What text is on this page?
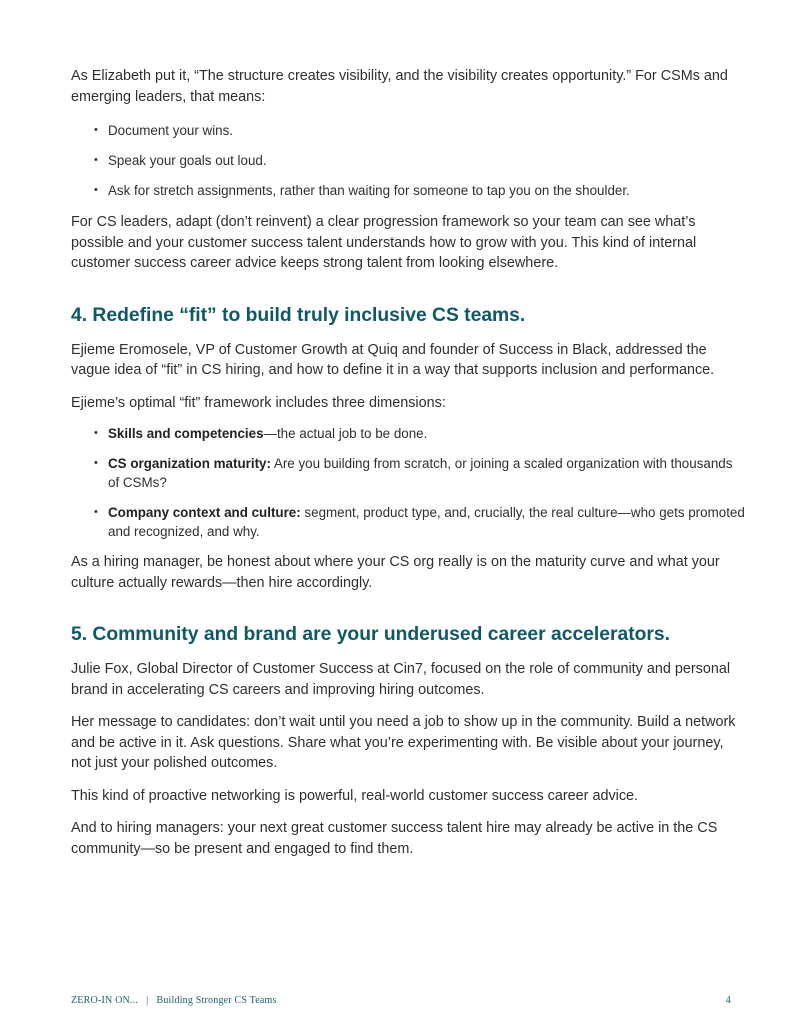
As Elizabeth put it, “The structure creates visibility, and the visibility creates opportunity.” For CSMs and emerging leaders, that means:

• Document your wins.
• Speak your goals out loud.
• Ask for stretch assignments, rather than waiting for someone to tap you on the shoulder.

For CS leaders, adapt (don’t reinvent) a clear progression framework so your team can see what’s possible and your customer success talent understands how to grow with you. This kind of internal customer success career advice keeps strong talent from looking elsewhere.

4. Redefine “fit” to build truly inclusive CS teams.

Ejieme Eromosele, VP of Customer Growth at Quiq and founder of Success in Black, addressed the vague idea of “fit” in CS hiring, and how to define it in a way that supports inclusion and performance.

Ejieme’s optimal “fit” framework includes three dimensions:

• Skills and competencies—the actual job to be done.
• CS organization maturity: Are you building from scratch, or joining a scaled organization with thousands of CSMs?
• Company context and culture: segment, product type, and, crucially, the real culture—who gets promoted and recognized, and why.

As a hiring manager, be honest about where your CS org really is on the maturity curve and what your culture actually rewards—then hire accordingly.

5. Community and brand are your underused career accelerators.

Julie Fox, Global Director of Customer Success at Cin7, focused on the role of community and personal brand in accelerating CS careers and improving hiring outcomes.

Her message to candidates: don’t wait until you need a job to show up in the community. Build a network and be active in it. Ask questions. Share what you’re experimenting with. Be visible about your journey, not just your polished outcomes.

This kind of proactive networking is powerful, real-world customer success career advice.

And to hiring managers: your next great customer success talent hire may already be active in the CS community—so be present and engaged to find them.

ZERO-IN ON... | Building Stronger CS Teams	4
